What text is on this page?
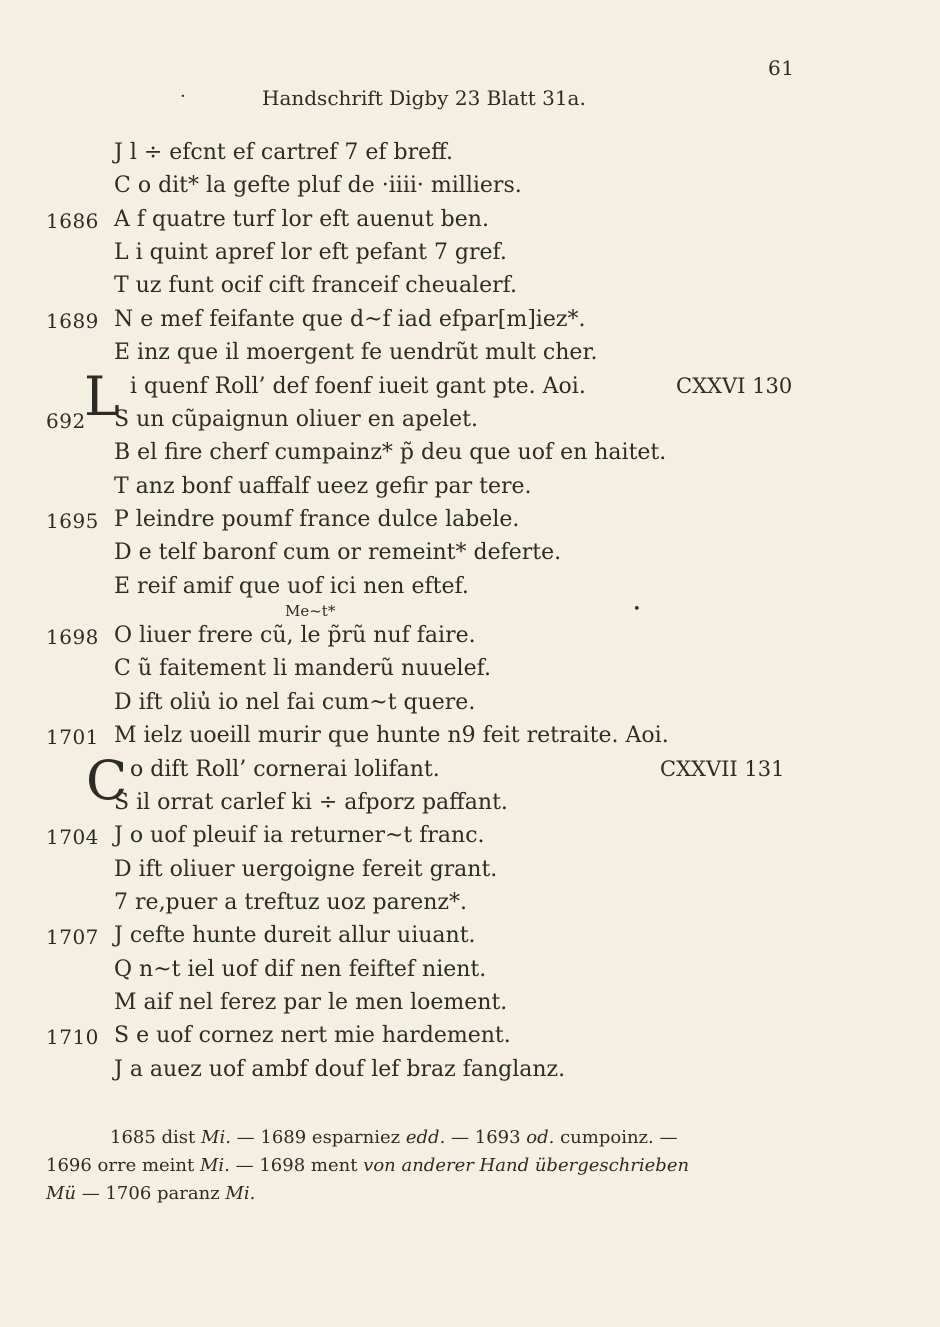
61
·	Handschrift Digby 23 Blatt 31a.
J l ÷ efcnt ef cartref 7 ef breff.
C o dit* la gefte pluf de ·iiii· milliers.
1686 A f quatre turf lor eft auenut ben.
L i quint apref lor eft pefant 7 gref.
T uz funt ocif cift franceif cheualerf.
1689 N e mef feifante que d~f iad efpar[m]iez*.
E inz que il moergent fe uendrũt mult cher.
i quenf Roll’ def foenf iueit gant pte. Aoi.	CXXVI 130
692 S un cũpaignun oliuer en apelet.
B el fire cherf cumpainz* p̃ deu que uof en haitet.
T anz bonf uaffalf ueez gefir par tere.
1695 P leindre poumf france dulce labele.
D e telf baronf cum or remeint* deferte.
E reif amif que uof ici nen eftef.
1698 O liuer frere cũ, le p̃rũ nuf faire.
C ũ faitement li manderũ nuuelef.
D ift oliu̓ io nel fai cum~t quere.
1701 M ielz uoeill murir que hunte n9 feit retraite. Aoi.
o dift Roll’ cornerai lolifant.	CXXVII 131
S il orrat carlef ki ÷ afporz paffant.
1704 J o uof pleuif ia returner~t franc.
D ift oliuer uergoigne fereit grant.
7 re‚puer a treftuz uoz parenz*.
1707 J cefte hunte dureit allur uiuant.
Q n~t iel uof dif nen feiftef nient.
M aif nel ferez par le men loement.
1710 S e uof cornez nert mie hardement.
J a auez uof ambf douf lef braz fanglanz.
L
C
Me~t*	•
1685 dist Mi. — 1689 esparniez edd. — 1693 od. cumpoinz. —
1696 orre meint Mi. — 1698 ment von anderer Hand übergeschrieben
Mü — 1706 paranz Mi.
